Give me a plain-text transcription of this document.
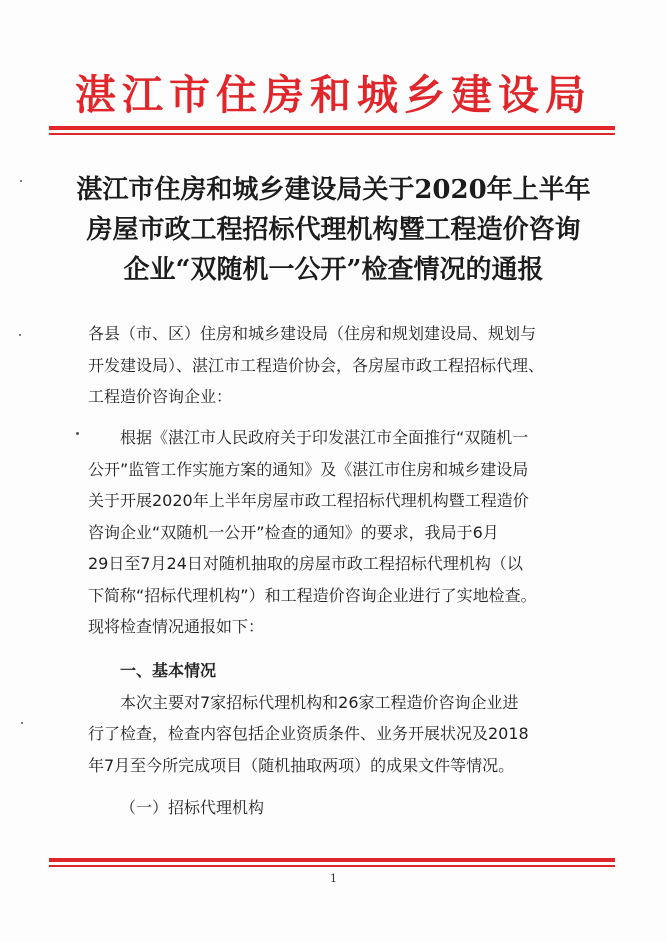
湛江市住房和城乡建设局
湛江市住房和城乡建设局关于2020年上半年
房屋市政工程招标代理机构暨工程造价咨询
企业“双随机一公开”检查情况的通报
各县（市、区）住房和城乡建设局（住房和规划建设局、规划与
开发建设局）、湛江市工程造价协会，各房屋市政工程招标代理、
工程造价咨询企业：
根据《湛江市人民政府关于印发湛江市全面推行“双随机一
公开”监管工作实施方案的通知》及《湛江市住房和城乡建设局
关于开展2020年上半年房屋市政工程招标代理机构暨工程造价
咨询企业“双随机一公开”检查的通知》的要求，我局于6月
29日至7月24日对随机抽取的房屋市政工程招标代理机构（以
下简称“招标代理机构”）和工程造价咨询企业进行了实地检查。
现将检查情况通报如下：
一、基本情况
本次主要对7家招标代理机构和26家工程造价咨询企业进
行了检查，检查内容包括企业资质条件、业务开展状况及2018
年7月至今所完成项目（随机抽取两项）的成果文件等情况。
（一）招标代理机构
1
